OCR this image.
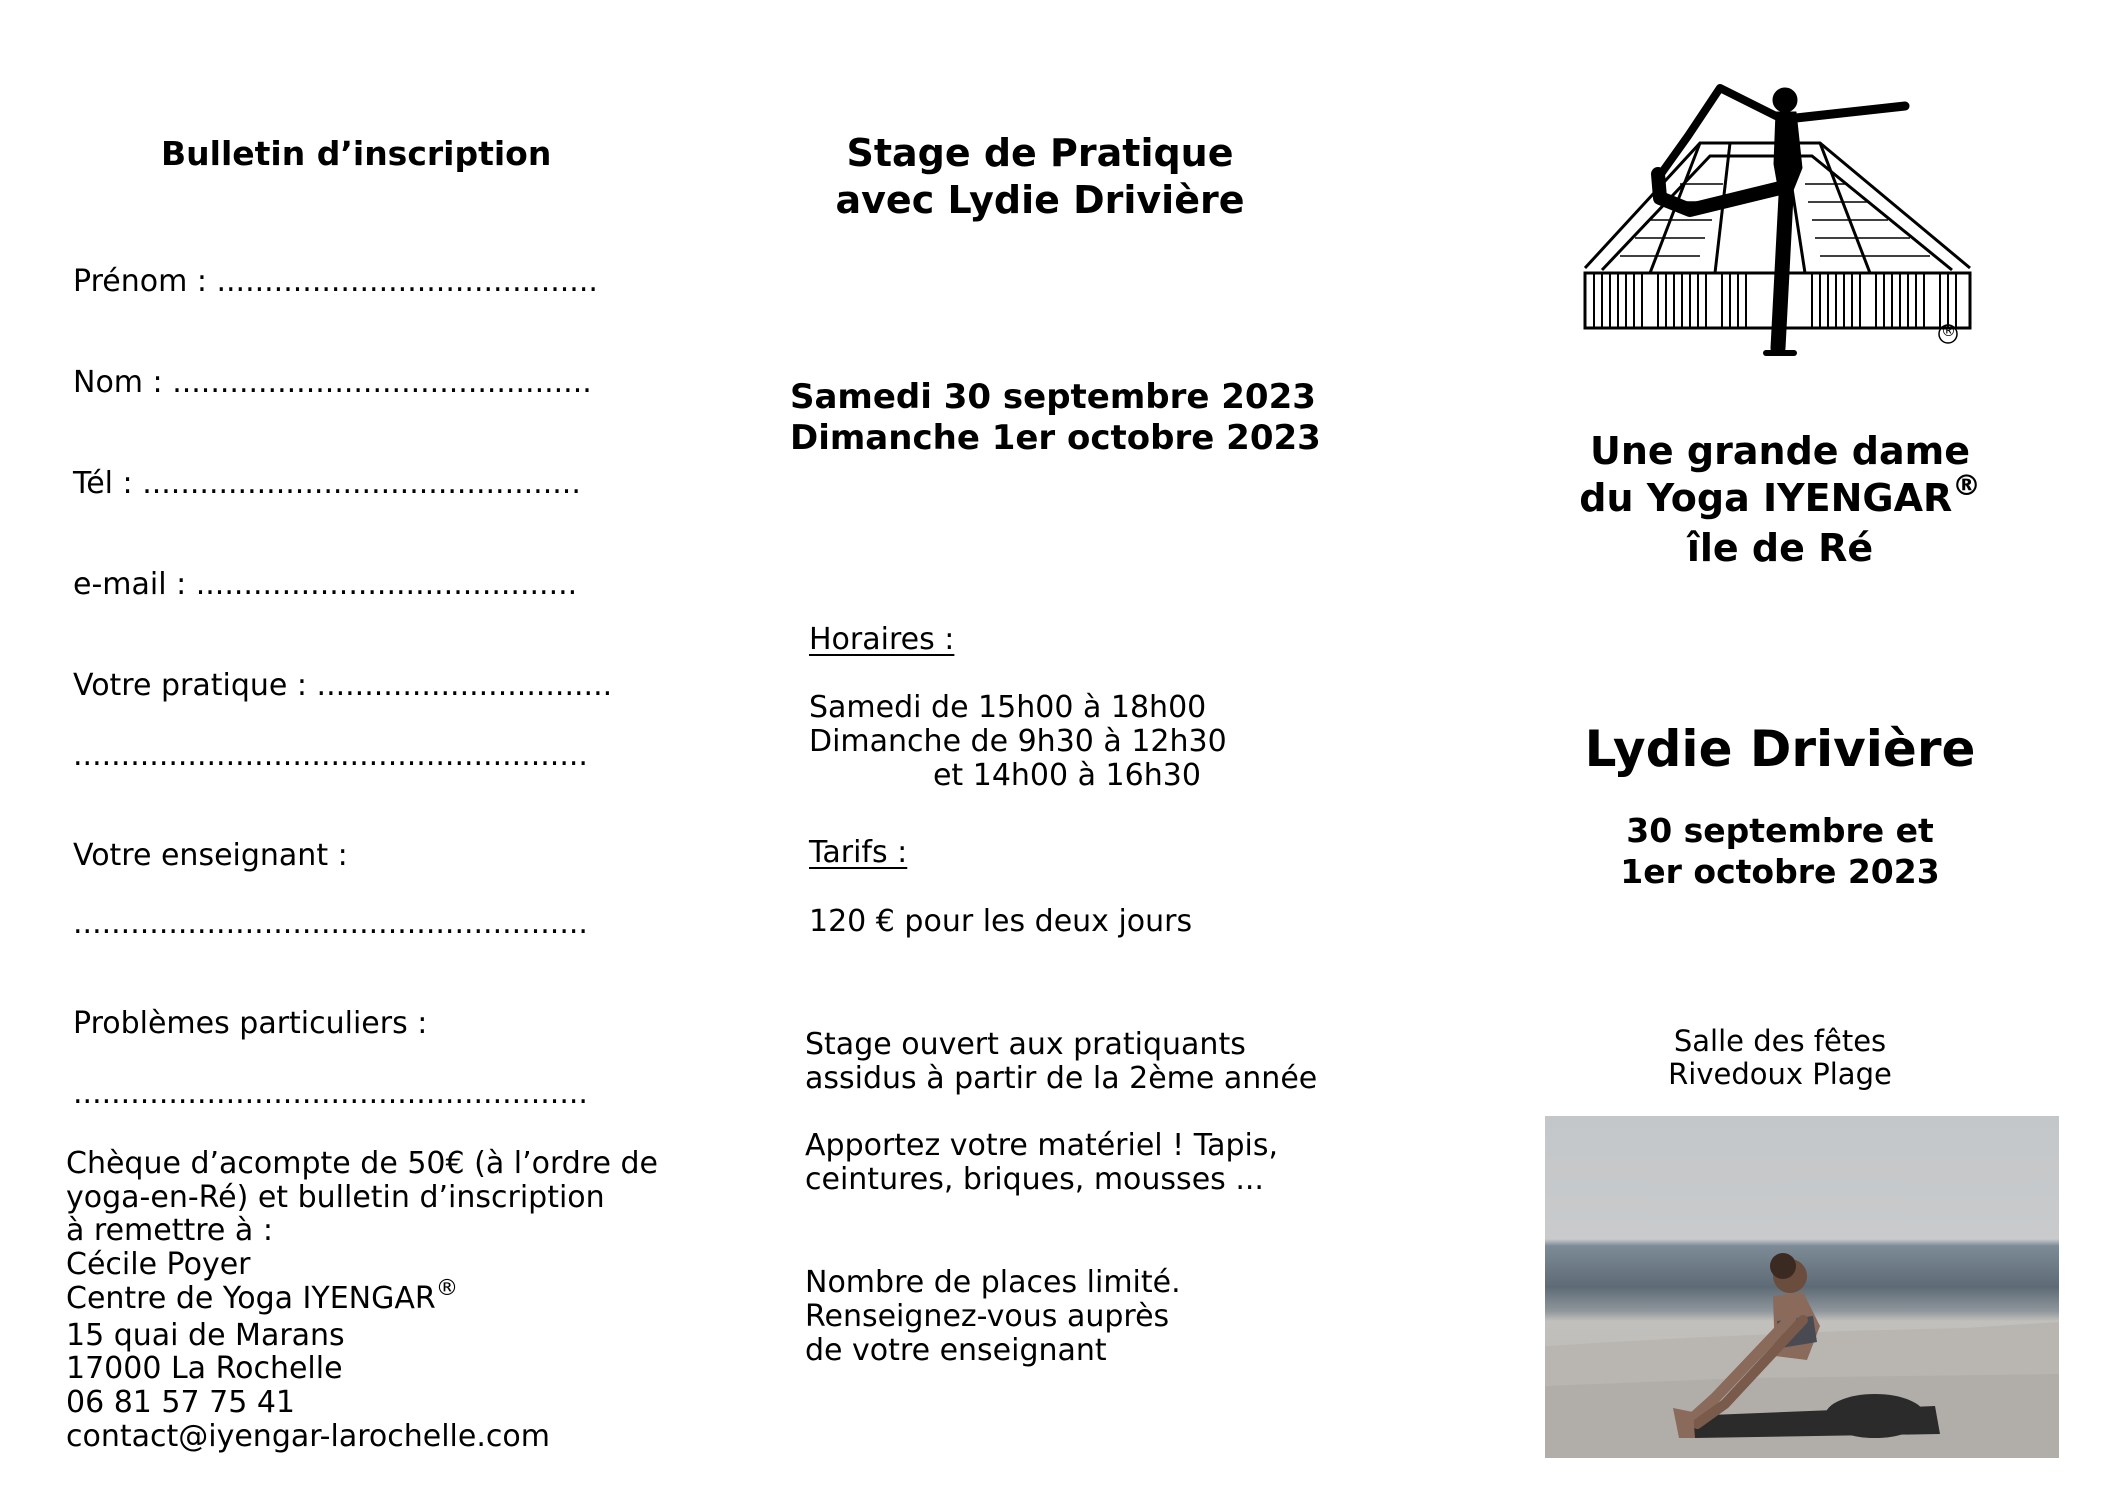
Bulletin d’inscription
Prénom : ........................................
Nom : ............................................
Tél : ..............................................
e-mail : ........................................
Votre pratique : ...............................
......................................................
Votre enseignant :
......................................................
Problèmes particuliers :
......................................................
Chèque d’acompte de 50€ (à l’ordre de
yoga-en-Ré) et bulletin d’inscription
à remettre à :
Cécile Poyer
Centre de Yoga IYENGAR®
15 quai de Marans
17000 La Rochelle
06 81 57 75 41
contact@iyengar-larochelle.com
Stage de Pratique
avec Lydie Drivière
Samedi 30 septembre 2023
Dimanche 1er octobre 2023
Horaires :
Samedi de 15h00 à 18h00
Dimanche de 9h30 à 12h30
et 14h00 à 16h30
Tarifs :
120 € pour les deux jours
Stage ouvert aux pratiquants
assidus à partir de la 2ème année
Apportez votre matériel ! Tapis,
ceintures, briques, mousses ...
Nombre de places limité.
Renseignez-vous auprès
de votre enseignant
®
Une grande dame
du Yoga IYENGAR®
île de Ré
Lydie Drivière
30 septembre et
1er octobre 2023
Salle des fêtes
Rivedoux Plage
